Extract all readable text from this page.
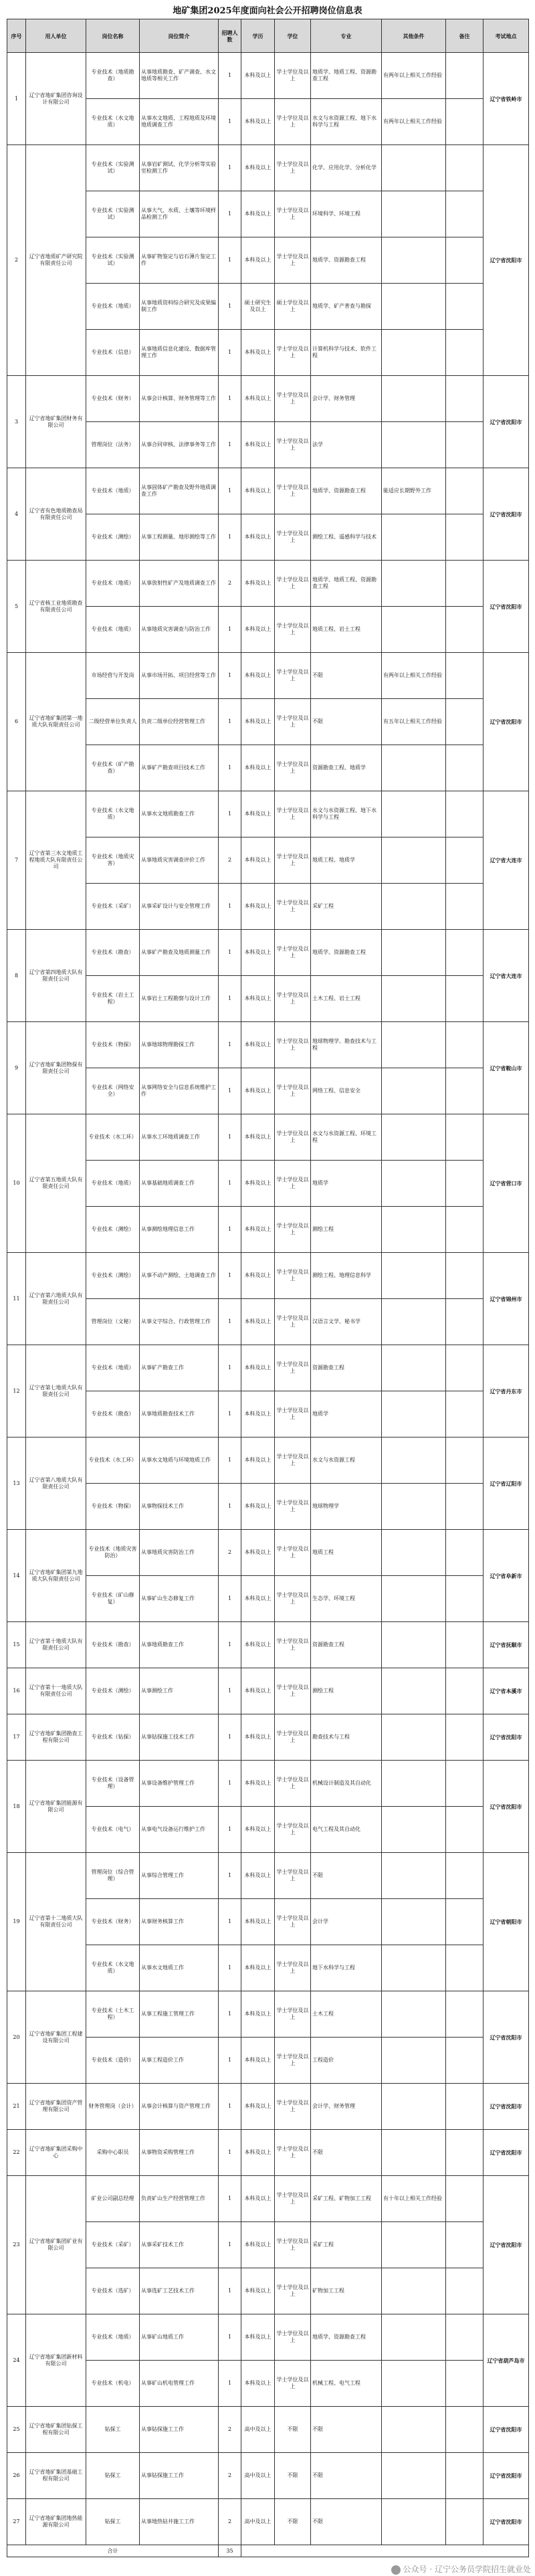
地矿集团2025年度面向社会公开招聘岗位信息表
序号	用人单位	岗位名称	岗位简介	招聘人数	学历	学位	专业	其他条件	备注	考试地点
1	辽宁省地矿集团咨询设计有限公司	专业技术（地质勘查）	从事地质勘查、矿产调查、水文地质等相关工作	1	本科及以上	学士学位及以上	地质学、地质工程、资源勘查工程	有两年以上相关工作经验		辽宁省铁岭市
		专业技术（水文地质）	从事水文地质、工程地质及环境地质调查工作	1	本科及以上	学士学位及以上	水文与水资源工程、地下水科学与工程	有两年以上相关工作经验		
2	辽宁省地质矿产研究院有限责任公司	专业技术（实验测试）	从事岩矿测试、化学分析等实验室检测工作	1	本科及以上	学士学位及以上	化学、应用化学、分析化学			辽宁省沈阳市
		专业技术（实验测试）	从事大气、水质、土壤等环境样品检测工作	1	本科及以上	学士学位及以上	环境科学、环境工程			
		专业技术（实验测试）	从事矿物鉴定与岩石薄片鉴定工作	1	本科及以上	学士学位及以上	地质学、资源勘查工程			
		专业技术（地质）	从事地质资料综合研究及成果编制工作	1	硕士研究生及以上	硕士学位及以上	地质学、矿产普查与勘探			
		专业技术（信息）	从事地质信息化建设、数据库管理工作	1	本科及以上	学士学位及以上	计算机科学与技术、软件工程			
3	辽宁省地矿集团财务有限公司	专业技术（财务）	从事会计核算、财务管理等工作	1	本科及以上	学士学位及以上	会计学、财务管理			辽宁省沈阳市
		管理岗位（法务）	从事合同审核、法律事务等工作	1	本科及以上	学士学位及以上	法学			
4	辽宁省有色地质勘查局有限责任公司	专业技术（地质）	从事固体矿产勘查及野外地质调查工作	1	本科及以上	学士学位及以上	地质学、资源勘查工程	能适应长期野外工作		辽宁省沈阳市
		专业技术（测绘）	从事工程测量、地形测绘等工作	1	本科及以上	学士学位及以上	测绘工程、遥感科学与技术			
5	辽宁省核工业地质勘查有限责任公司	专业技术（地质）	从事放射性矿产及地质调查工作	2	本科及以上	学士学位及以上	地质学、地质工程、资源勘查工程			辽宁省沈阳市
		专业技术（地质）	从事地质灾害调查与防治工作	1	本科及以上	学士学位及以上	地质工程、岩土工程			
6	辽宁省地矿集团第一地质大队有限责任公司	市场经营与开发岗	从事市场开拓、项目经营等工作	1	本科及以上	学士学位及以上	不限	有两年以上相关工作经验		辽宁省沈阳市
		二级经营单位负责人	负责二级单位经营管理工作	1	本科及以上	学士学位及以上	不限	有五年以上相关工作经验		
		专业技术（矿产勘查）	从事矿产勘查项目技术工作	1	本科及以上	学士学位及以上	资源勘查工程、地质学			
7	辽宁省第三水文地质工程地质大队有限责任公司	专业技术（水文地质）	从事水文地质勘查工作	1	本科及以上	学士学位及以上	水文与水资源工程、地下水科学与工程			辽宁省大连市
		专业技术（地质灾害）	从事地质灾害调查评价工作	2	本科及以上	学士学位及以上	地质工程、地质学			
		专业技术（采矿）	从事采矿设计与安全管理工作	1	本科及以上	学士学位及以上	采矿工程			
8	辽宁省第四地质大队有限责任公司	专业技术（勘查）	从事矿产勘查及地质测量工作	1	本科及以上	学士学位及以上	地质学、资源勘查工程			辽宁省大连市
		专业技术（岩土工程）	从事岩土工程勘察与设计工作	1	本科及以上	学士学位及以上	土木工程、岩土工程			
9	辽宁省地矿集团物探有限责任公司	专业技术（物探）	从事地球物理勘探工作	1	本科及以上	学士学位及以上	地球物理学、勘查技术与工程			辽宁省鞍山市
		专业技术（网络安全）	从事网络安全与信息系统维护工作	1	本科及以上	学士学位及以上	网络工程、信息安全			
10	辽宁省第五地质大队有限责任公司	专业技术（水工环）	从事水工环地质调查工作	1	本科及以上	学士学位及以上	水文与水资源工程、环境工程			辽宁省营口市
		专业技术（地质）	从事基础地质调查工作	1	本科及以上	学士学位及以上	地质学			
		专业技术（测绘）	从事测绘地理信息工作	1	本科及以上	学士学位及以上	测绘工程			
11	辽宁省第六地质大队有限责任公司	专业技术（测绘）	从事不动产测绘、土地调查工作	1	本科及以上	学士学位及以上	测绘工程、地理信息科学			辽宁省锦州市
		管理岗位（文秘）	从事文字综合、行政管理工作	1	本科及以上	学士学位及以上	汉语言文学、秘书学			
12	辽宁省第七地质大队有限责任公司	专业技术（地质）	从事矿产勘查工作	1	本科及以上	学士学位及以上	资源勘查工程			辽宁省丹东市
		专业技术（勘查）	从事地质勘查技术工作	1	本科及以上	学士学位及以上	地质学			
13	辽宁省第八地质大队有限责任公司	专业技术（水工环）	从事水文地质与环境地质工作	1	本科及以上	学士学位及以上	水文与水资源工程			辽宁省辽阳市
		专业技术（物探）	从事物探技术工作	1	本科及以上	学士学位及以上	地球物理学			
14	辽宁省地矿集团第九地质大队有限责任公司	专业技术（地质灾害防治）	从事地质灾害防治工作	2	本科及以上	学士学位及以上	地质工程			辽宁省阜新市
		专业技术（矿山修复）	从事矿山生态修复工作	1	本科及以上	学士学位及以上	生态学、环境工程			
15	辽宁省第十地质大队有限责任公司	专业技术（勘查）	从事地质勘查工作	1	本科及以上	学士学位及以上	资源勘查工程			辽宁省抚顺市
16	辽宁省第十一地质大队有限责任公司	专业技术（测绘）	从事测绘工作	1	本科及以上	学士学位及以上	测绘工程			辽宁省本溪市
17	辽宁省地矿集团勘查工程有限公司	专业技术（钻探）	从事钻探施工技术工作	1	本科及以上	学士学位及以上	勘查技术与工程			辽宁省沈阳市
18	辽宁省地矿集团能源有限公司	专业技术（设备管理）	从事设备维护管理工作	1	本科及以上	学士学位及以上	机械设计制造及其自动化			辽宁省沈阳市
		专业技术（电气）	从事电气设备运行维护工作	1	本科及以上	学士学位及以上	电气工程及其自动化			
19	辽宁省第十二地质大队有限责任公司	管理岗位（综合管理）	从事综合管理工作	1	本科及以上	学士学位及以上	不限			辽宁省朝阳市
		专业技术（财务）	从事财务核算工作	1	本科及以上	学士学位及以上	会计学			
		专业技术（水文地质）	从事水文地质工作	1	本科及以上	学士学位及以上	地下水科学与工程			
20	辽宁省地矿集团工程建设有限公司	专业技术（土木工程）	从事工程施工管理工作	1	本科及以上	学士学位及以上	土木工程			辽宁省沈阳市
		专业技术（造价）	从事工程造价工作	1	本科及以上	学士学位及以上	工程造价			
21	辽宁省地矿集团资产管理有限公司	财务管理岗（会计）	从事会计核算与资产管理工作	1	本科及以上	学士学位及以上	会计学、财务管理			辽宁省沈阳市
22	辽宁省地矿集团采购中心	采购中心职员	从事物资采购管理工作	1	本科及以上	学士学位及以上	不限			辽宁省沈阳市
23	辽宁省地矿集团矿业有限公司	矿业公司副总经理	负责矿山生产经营管理工作	1	本科及以上	学士学位及以上	采矿工程、矿物加工工程	有十年以上相关工作经验		辽宁省沈阳市
		专业技术（采矿）	从事采矿技术工作	1	本科及以上	学士学位及以上	采矿工程			
		专业技术（选矿）	从事选矿工艺技术工作	1	本科及以上	学士学位及以上	矿物加工工程			
24	辽宁省地矿集团新材料有限公司	专业技术（地质）	从事矿山地质工作	1	本科及以上	学士学位及以上	地质学、资源勘查工程			辽宁省葫芦岛市
		专业技术（机电）	从事矿山机电管理工作	1	本科及以上	学士学位及以上	机械工程、电气工程			
25	辽宁省地矿集团钻探工程有限公司	钻探工	从事钻探施工工作	2	高中及以上	不限	不限			辽宁省沈阳市
26	辽宁省地矿集团基础工程有限公司	钻探工	从事钻探施工工作	2	高中及以上	不限	不限			辽宁省沈阳市
27	辽宁省地矿集团地热能源有限公司	钻探工	从事地热钻井施工工作	2	高中及以上	不限	不限			辽宁省沈阳市
合计				35						
公众号 · 辽宁公务员学院招生就业处
